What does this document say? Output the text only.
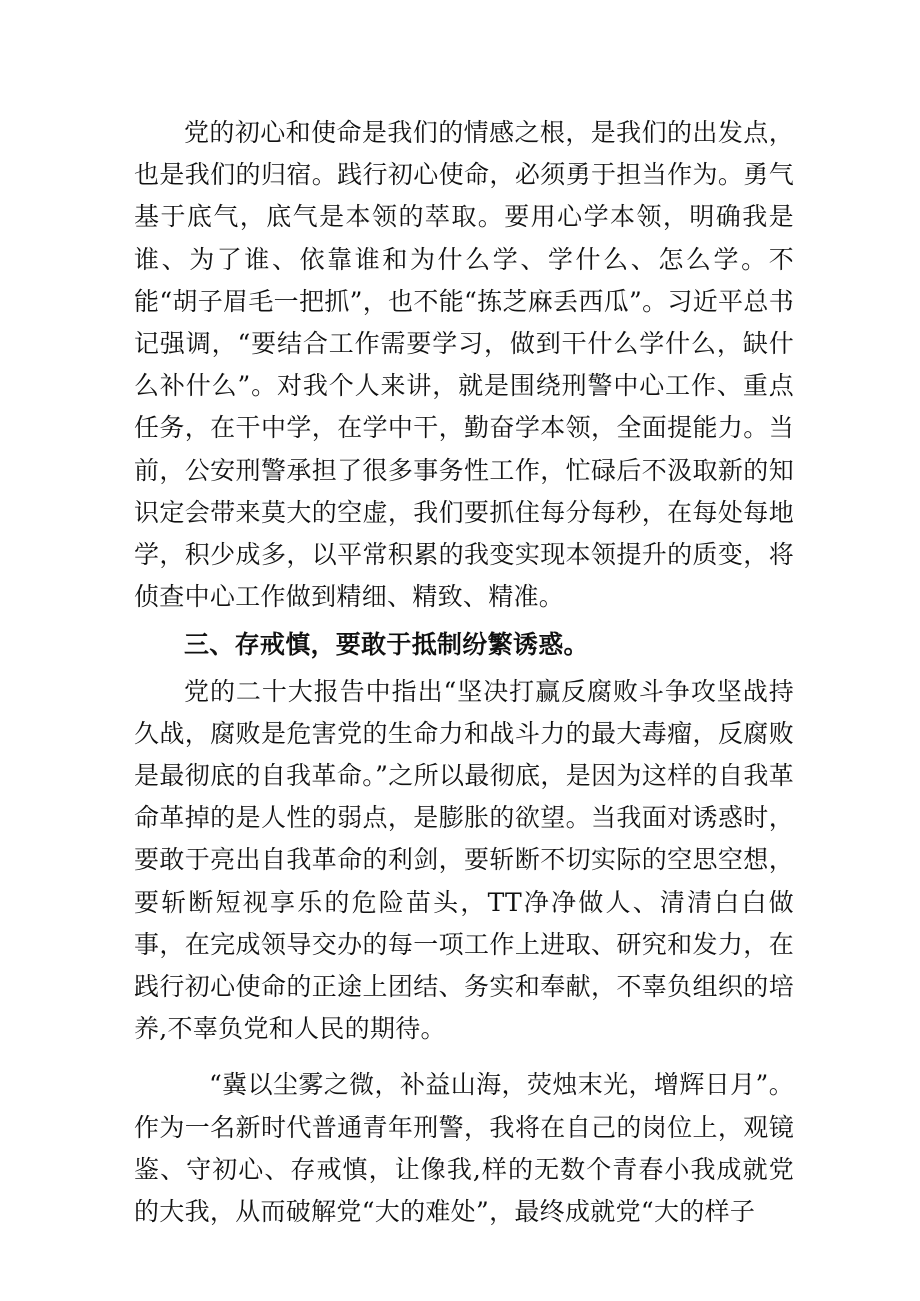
党的初心和使命是我们的情感之根，是我们的出发点，也是我们的归宿。践行初心使命，必须勇于担当作为。勇气基于底气，底气是本领的萃取。要用心学本领，明确我是谁、为了谁、依靠谁和为什么学、学什么、怎么学。不能“胡子眉毛一把抓”，也不能“拣芝麻丢西瓜”。习近平总书记强调，“要结合工作需要学习，做到干什么学什么，缺什么补什么”。对我个人来讲，就是围绕刑警中心工作、重点任务，在干中学，在学中干，勤奋学本领，全面提能力。当前，公安刑警承担了很多事务性工作，忙碌后不汲取新的知识定会带来莫大的空虚，我们要抓住每分每秒，在每处每地学，积少成多，以平常积累的我变实现本领提升的质变，将侦查中心工作做到精细、精致、精准。

三、存戒慎，要敢于抵制纷繁诱惑。

党的二十大报告中指出“坚决打赢反腐败斗争攻坚战持久战，腐败是危害党的生命力和战斗力的最大毒瘤，反腐败是最彻底的自我革命。”之所以最彻底，是因为这样的自我革命革掉的是人性的弱点，是膨胀的欲望。当我面对诱惑时，要敢于亮出自我革命的利剑，要斩断不切实际的空思空想，要斩断短视享乐的危险苗头，TT净净做人、清清白白做事，在完成领导交办的每一项工作上进取、研究和发力，在践行初心使命的正途上团结、务实和奉献，不辜负组织的培养,不辜负党和人民的期待。

“冀以尘雾之微，补益山海，荧烛末光，增辉日月”。作为一名新时代普通青年刑警，我将在自己的岗位上，观镜鉴、守初心、存戒慎，让像我,样的无数个青春小我成就党的大我，从而破解党“大的难处”，最终成就党“大的样子
